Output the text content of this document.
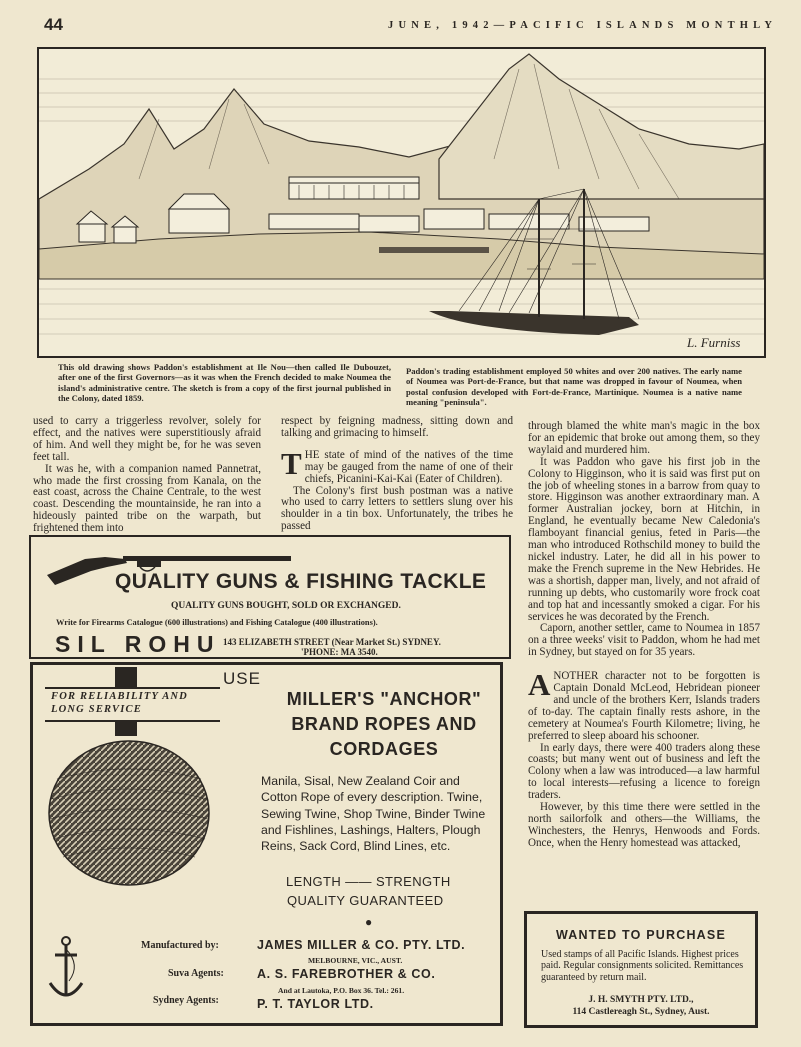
44	JUNE, 1942—PACIFIC ISLANDS MONTHLY
L. Furniss
This old drawing shows Paddon's establishment at Ile Nou—then called Ile Dubouzet, after one of the first Governors—as it was when the French decided to make Noumea the island's administrative centre. The sketch is from a copy of the first journal published in the Colony, dated 1859.
Paddon's trading establishment employed 50 whites and over 200 natives. The early name of Noumea was Port-de-France, but that name was dropped in favour of Noumea, when postal confusion developed with Fort-de-France, Martinique. Noumea is a native name meaning "peninsula".

used to carry a triggerless revolver, solely for effect, and the natives were superstitiously afraid of him. And well they might be, for he was seven feet tall.

It was he, with a companion named Pannetrat, who made the first crossing from Kanala, on the east coast, across the Chaine Centrale, to the west coast. Descending the mountainside, he ran into a hideously painted tribe on the warpath, but frightened them into

respect by feigning madness, sitting down and talking and grimacing to himself.

THE state of mind of the natives of the time may be gauged from the name of one of their chiefs, Picanini-Kai-Kai (Eater of Children).

The Colony's first bush postman was a native who used to carry letters to settlers slung over his shoulder in a tin box. Unfortunately, the tribes he passed

through blamed the white man's magic in the box for an epidemic that broke out among them, so they waylaid and murdered him.

It was Paddon who gave his first job in the Colony to Higginson, who it is said was first put on the job of wheeling stones in a barrow from quay to store. Higginson was another extraordinary man. A former Australian jockey, born at Hitchin, in England, he eventually became New Caledonia's flamboyant financial genius, feted in Paris—the man who introduced Rothschild money to build the nickel industry. Later, he did all in his power to make the French supreme in the New Hebrides. He was a shortish, dapper man, lively, and not afraid of running up debts, who customarily wore frock coat and top hat and incessantly smoked a cigar. For his services he was decorated by the French.

Caporn, another settler, came to Noumea in 1857 on a three weeks' visit to Paddon, whom he had met in Sydney, but stayed on for 35 years.

ANOTHER character not to be forgotten is Captain Donald McLeod, Hebridean pioneer and uncle of the brothers Kerr, Islands traders of to-day. The captain finally rests ashore, in the cemetery at Noumea's Fourth Kilometre; living, he preferred to sleep aboard his schooner.

In early days, there were 400 traders along these coasts; but many went out of business and left the Colony when a law was introduced—a law harmful to local interests—refusing a licence to foreign traders.

However, by this time there were settled in the north sailorfolk and others—the Williams, the Winchesters, the Henrys, Henwoods and Fords. Once, when the Henry homestead was attacked,

QUALITY GUNS & FISHING TACKLE
QUALITY GUNS BOUGHT, SOLD OR EXCHANGED.
Write for Firearms Catalogue (600 illustrations) and Fishing Catalogue (400 illustrations).
SIL ROHU 143 ELIZABETH STREET (Near Market St.) SYDNEY.
'PHONE: MA 3540.
USE
FOR RELIABILITY AND LONG SERVICE
MILLER'S "ANCHOR" BRAND ROPES AND CORDAGES
Manila, Sisal, New Zealand Coir and Cotton Rope of every description. Twine, Sewing Twine, Shop Twine, Binder Twine and Fishlines, Lashings, Halters, Plough Reins, Sack Cord, Blind Lines, etc.
LENGTH —— STRENGTH
QUALITY GUARANTEED
●
Manufactured by:	JAMES MILLER & CO. PTY. LTD.
MELBOURNE, VIC., AUST.
Suva Agents:	A. S. FAREBROTHER & CO.
And at Lautoka, P.O. Box 36. Tel.: 261.
Sydney Agents:	P. T. TAYLOR LTD.
WANTED TO PURCHASE
Used stamps of all Pacific Islands. Highest prices paid. Regular consignments solicited. Remittances guaranteed by return mail.
J. H. SMYTH PTY. LTD.,
114 Castlereagh St., Sydney, Aust.
